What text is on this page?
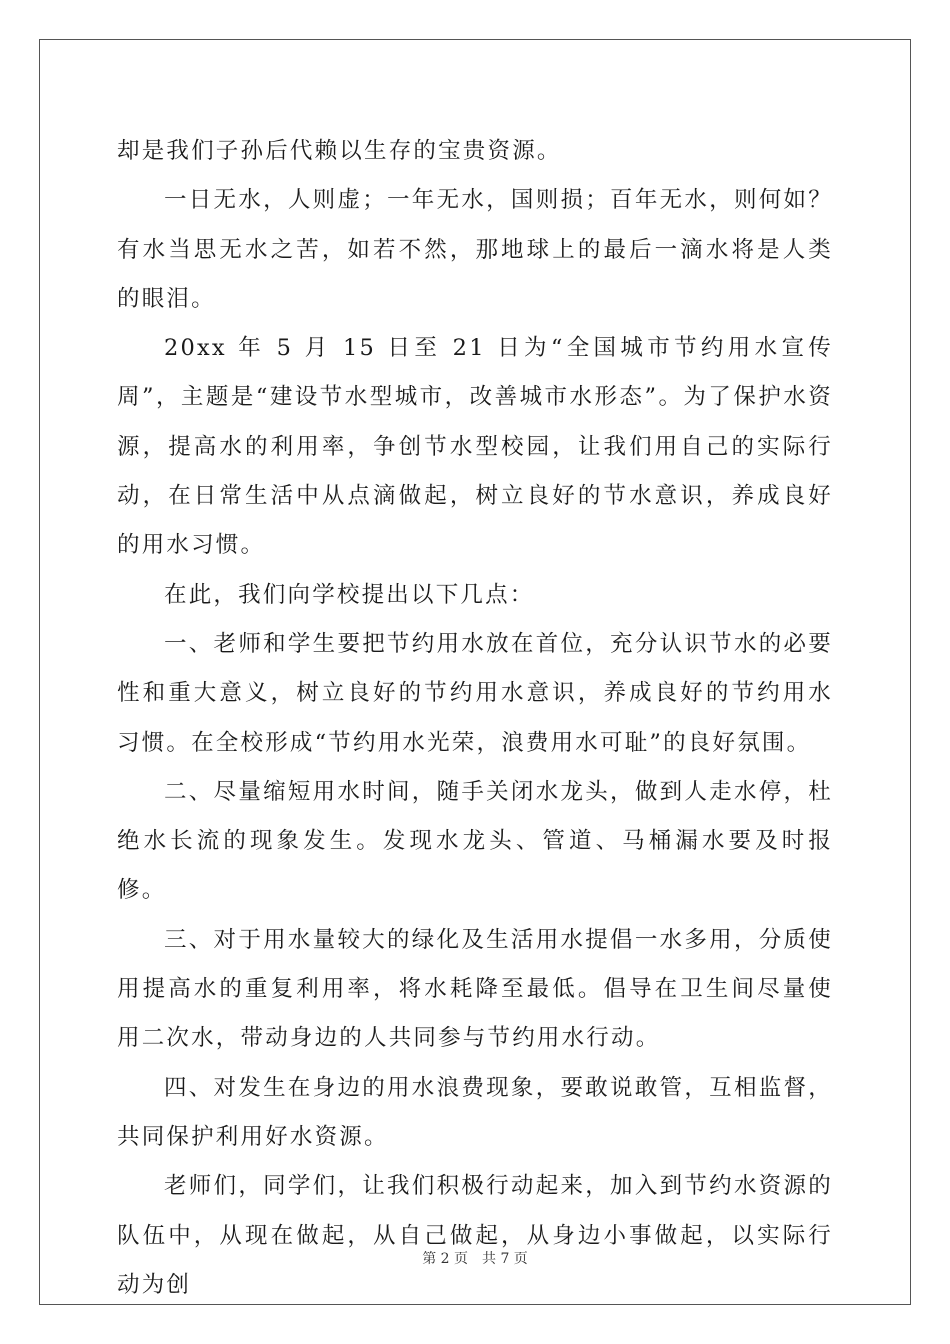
却是我们子孙后代赖以生存的宝贵资源。

一日无水，人则虚；一年无水，国则损；百年无水，则何如？有水当思无水之苦，如若不然，那地球上的最后一滴水将是人类的眼泪。

20xx 年 5 月 15 日至 21 日为“全国城市节约用水宣传周”，主题是“建设节水型城市，改善城市水形态”。为了保护水资源，提高水的利用率，争创节水型校园，让我们用自己的实际行动，在日常生活中从点滴做起，树立良好的节水意识，养成良好的用水习惯。

在此，我们向学校提出以下几点：

一、老师和学生要把节约用水放在首位，充分认识节水的必要性和重大意义，树立良好的节约用水意识，养成良好的节约用水习惯。在全校形成“节约用水光荣，浪费用水可耻”的良好氛围。

二、尽量缩短用水时间，随手关闭水龙头，做到人走水停，杜绝水长流的现象发生。发现水龙头、管道、马桶漏水要及时报修。

三、对于用水量较大的绿化及生活用水提倡一水多用，分质使用提高水的重复利用率，将水耗降至最低。倡导在卫生间尽量使用二次水，带动身边的人共同参与节约用水行动。

四、对发生在身边的用水浪费现象，要敢说敢管，互相监督，共同保护利用好水资源。

老师们，同学们，让我们积极行动起来，加入到节约水资源的队伍中，从现在做起，从自己做起，从身边小事做起，以实际行动为创

第 2 页 共 7 页
